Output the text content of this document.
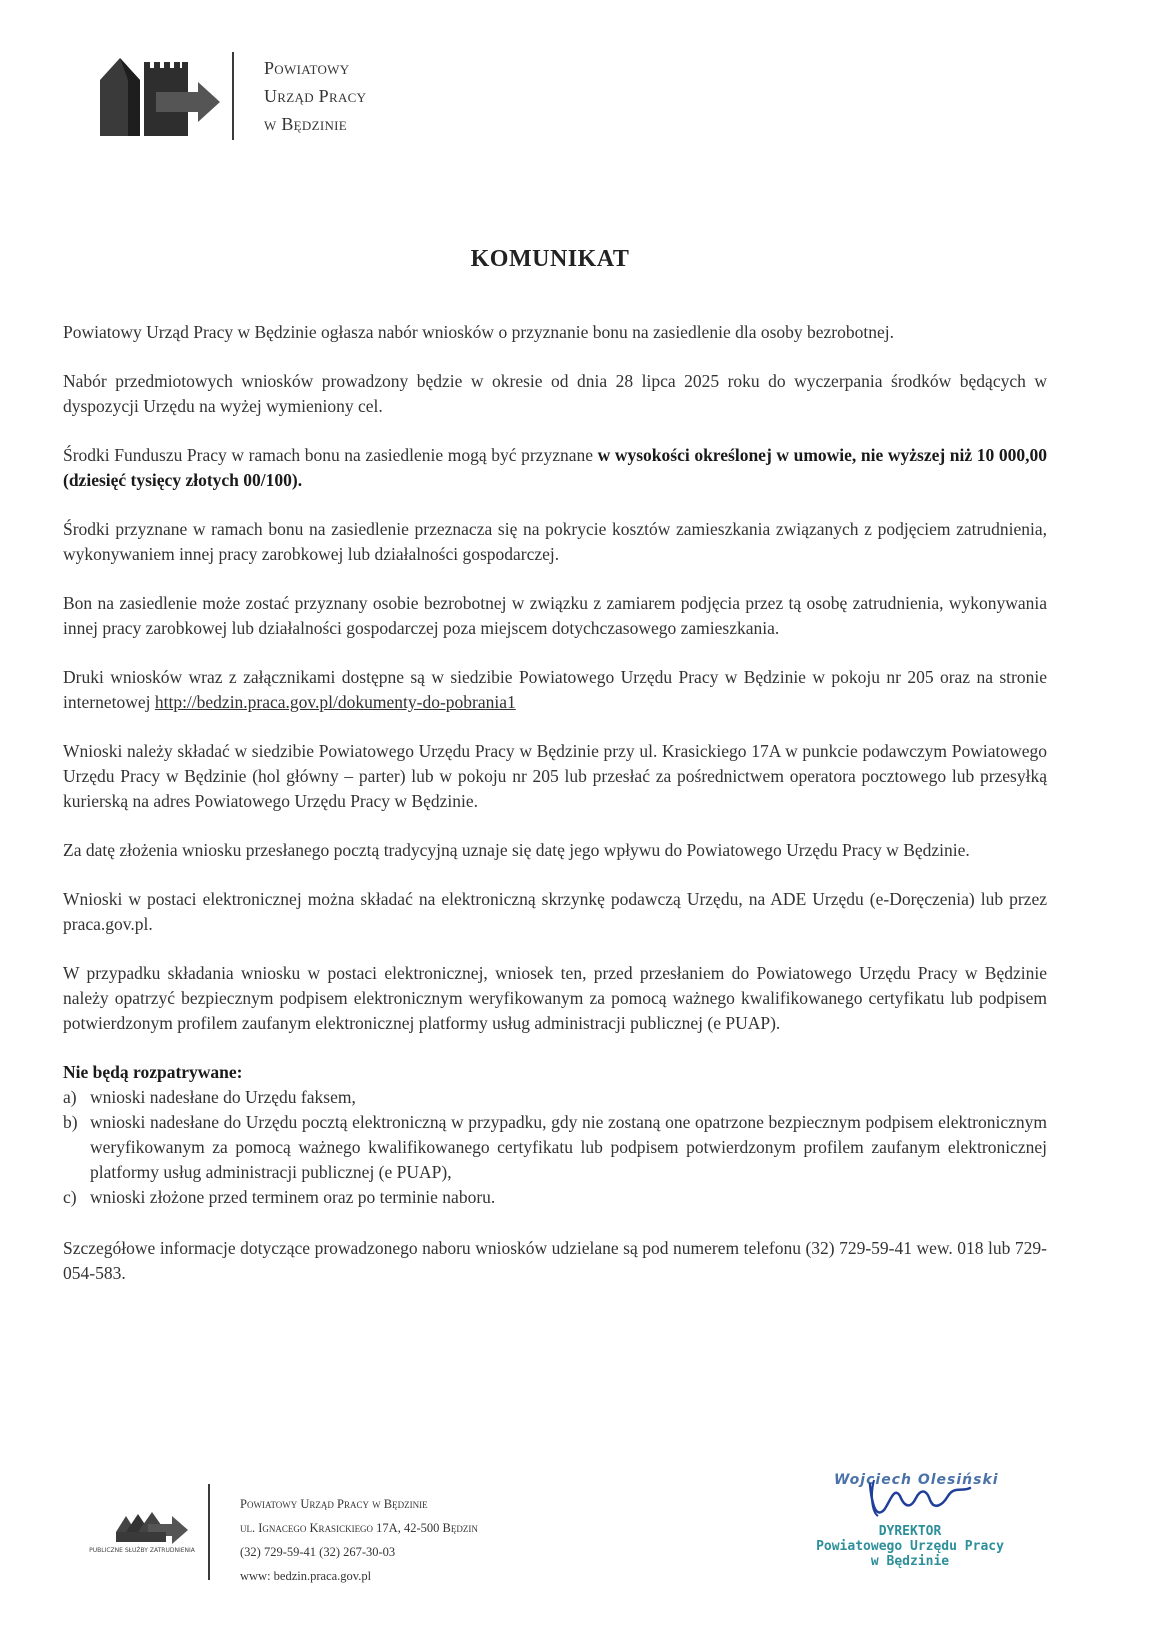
Powiatowy
Urząd Pracy
w Będzinie
KOMUNIKAT

Powiatowy Urząd Pracy w Będzinie ogłasza nabór wniosków o przyznanie bonu na zasiedlenie dla osoby bezrobotnej.

Nabór przedmiotowych wniosków prowadzony będzie w okresie od dnia 28 lipca 2025 roku do wyczerpania środków będących w dyspozycji Urzędu na wyżej wymieniony cel.

Środki Funduszu Pracy w ramach bonu na zasiedlenie mogą być przyznane w wysokości określonej w umowie, nie wyższej niż 10 000,00 (dziesięć tysięcy złotych 00/100).

Środki przyznane w ramach bonu na zasiedlenie przeznacza się na pokrycie kosztów zamieszkania związanych z podjęciem zatrudnienia, wykonywaniem innej pracy zarobkowej lub działalności gospodarczej.

Bon na zasiedlenie może zostać przyznany osobie bezrobotnej w związku z zamiarem podjęcia przez tą osobę zatrudnienia, wykonywania innej pracy zarobkowej lub działalności gospodarczej poza miejscem dotychczasowego zamieszkania.

Druki wniosków wraz z załącznikami dostępne są w siedzibie Powiatowego Urzędu Pracy w Będzinie w pokoju nr 205 oraz na stronie internetowej http://bedzin.praca.gov.pl/dokumenty-do-pobrania1

Wnioski należy składać w siedzibie Powiatowego Urzędu Pracy w Będzinie przy ul. Krasickiego 17A w punkcie podawczym Powiatowego Urzędu Pracy w Będzinie (hol główny – parter) lub w pokoju nr 205 lub przesłać za pośrednictwem operatora pocztowego lub przesyłką kurierską na adres Powiatowego Urzędu Pracy w Będzinie.

Za datę złożenia wniosku przesłanego pocztą tradycyjną uznaje się datę jego wpływu do Powiatowego Urzędu Pracy w Będzinie.

Wnioski w postaci elektronicznej można składać na elektroniczną skrzynkę podawczą Urzędu, na ADE Urzędu (e-Doręczenia) lub przez praca.gov.pl.

W przypadku składania wniosku w postaci elektronicznej, wniosek ten, przed przesłaniem do Powiatowego Urzędu Pracy w Będzinie należy opatrzyć bezpiecznym podpisem elektronicznym weryfikowanym za pomocą ważnego kwalifikowanego certyfikatu lub podpisem potwierdzonym profilem zaufanym elektronicznej platformy usług administracji publicznej (e PUAP).

Nie będą rozpatrywane:
a) wnioski nadesłane do Urzędu faksem,
b) wnioski nadesłane do Urzędu pocztą elektroniczną w przypadku, gdy nie zostaną one opatrzone bezpiecznym podpisem elektronicznym weryfikowanym za pomocą ważnego kwalifikowanego certyfikatu lub podpisem potwierdzonym profilem zaufanym elektronicznej platformy usług administracji publicznej (e PUAP),
c) wnioski złożone przed terminem oraz po terminie naboru.

Szczegółowe informacje dotyczące prowadzonego naboru wniosków udzielane są pod numerem telefonu (32) 729-59-41 wew. 018 lub 729-054-583.

PUBLICZNE SŁUŻBY ZATRUDNIENIA
Powiatowy Urząd Pracy w Będzinie
ul. Ignacego Krasickiego 17A, 42-500 Będzin
(32) 729-59-41 (32) 267-30-03
www: bedzin.praca.gov.pl
Wojciech Olesiński
DYREKTOR
Powiatowego Urzędu Pracy
w Będzinie
